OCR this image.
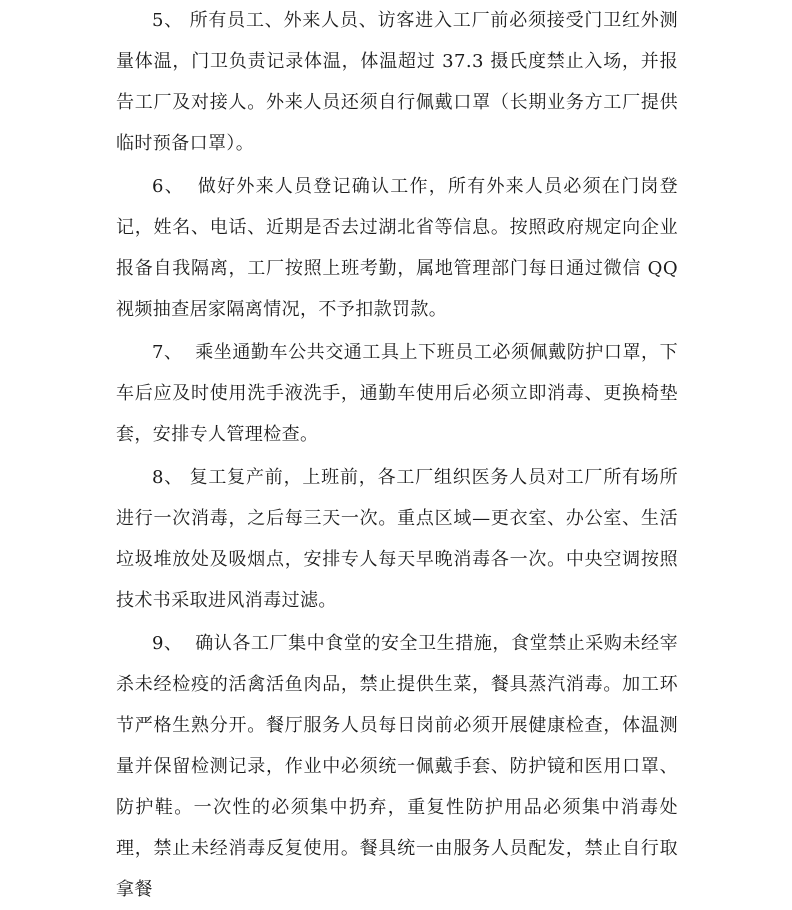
5、 所有员工、外来人员、访客进入工厂前必须接受门卫红外测量体温，门卫负责记录体温，体温超过 37.3 摄氏度禁止入场，并报告工厂及对接人。外来人员还须自行佩戴口罩（长期业务方工厂提供临时预备口罩）。

6、  做好外来人员登记确认工作，所有外来人员必须在门岗登记，姓名、电话、近期是否去过湖北省等信息。按照政府规定向企业报备自我隔离，工厂按照上班考勤，属地管理部门每日通过微信 QQ 视频抽查居家隔离情况，不予扣款罚款。

7、  乘坐通勤车公共交通工具上下班员工必须佩戴防护口罩，下车后应及时使用洗手液洗手，通勤车使用后必须立即消毒、更换椅垫套，安排专人管理检查。

8、 复工复产前，上班前，各工厂组织医务人员对工厂所有场所进行一次消毒，之后每三天一次。重点区域—更衣室、办公室、生活垃圾堆放处及吸烟点，安排专人每天早晚消毒各一次。中央空调按照技术书采取进风消毒过滤。

9、  确认各工厂集中食堂的安全卫生措施，食堂禁止采购未经宰杀未经检疫的活禽活鱼肉品，禁止提供生菜，餐具蒸汽消毒。加工环节严格生熟分开。餐厅服务人员每日岗前必须开展健康检查，体温测量并保留检测记录，作业中必须统一佩戴手套、防护镜和医用口罩、防护鞋。一次性的必须集中扔弃，重复性防护用品必须集中消毒处理，禁止未经消毒反复使用。餐具统一由服务人员配发，禁止自行取拿餐
